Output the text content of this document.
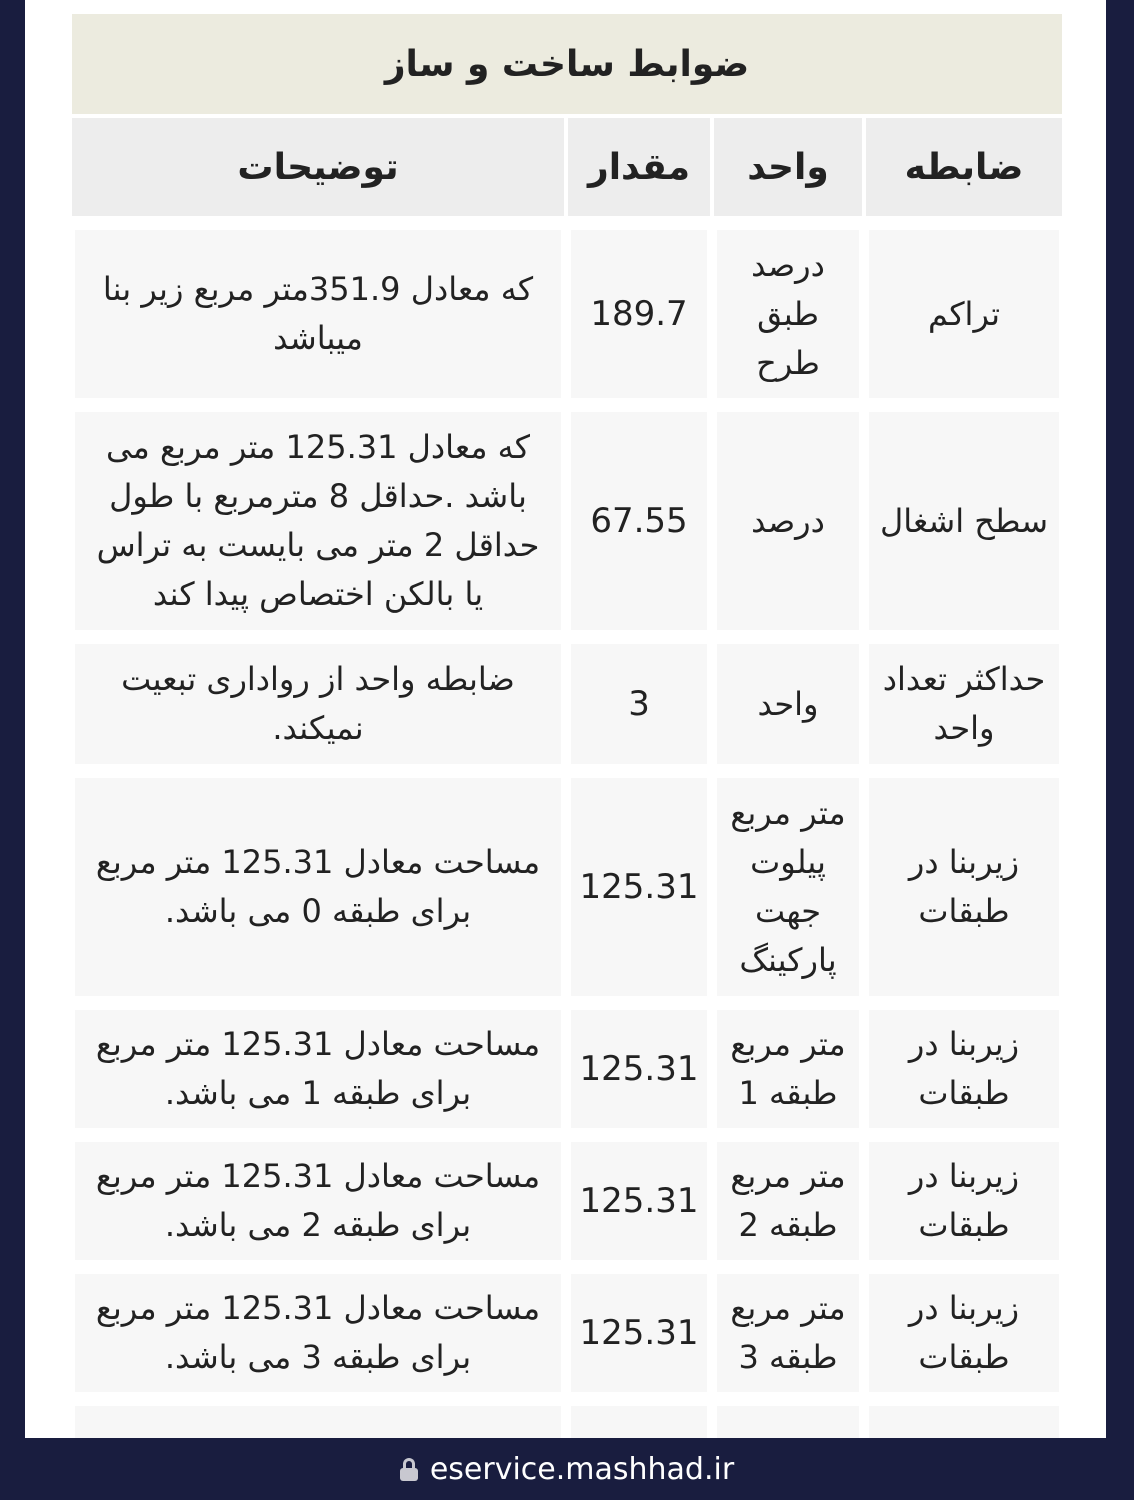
ضوابط ساخت و ساز
ضابطه
واحد
مقدار
توضیحات
تراکم
درصد طبق طرح
189.7
که معادل 351.9متر مربع زیر بنا میباشد
سطح اشغال
درصد
67.55
که معادل 125.31 متر مربع می باشد .حداقل 8 مترمربع با طول حداقل 2 متر می بایست به تراس یا بالکن اختصاص پیدا کند
حداکثر تعداد واحد
واحد
3
ضابطه واحد از روادارى تبعیت نمیکند.
زیربنا در طبقات
متر مربع پیلوت جهت پارکینگ
125.31
مساحت معادل 125.31 متر مربع برای طبقه 0 می باشد.
زیربنا در طبقات
متر مربع طبقه 1
125.31
مساحت معادل 125.31 متر مربع برای طبقه 1 می باشد.
زیربنا در طبقات
متر مربع طبقه 2
125.31
مساحت معادل 125.31 متر مربع برای طبقه 2 می باشد.
زیربنا در طبقات
متر مربع طبقه 3
125.31
مساحت معادل 125.31 متر مربع برای طبقه 3 می باشد.
eservice.mashhad.ir
